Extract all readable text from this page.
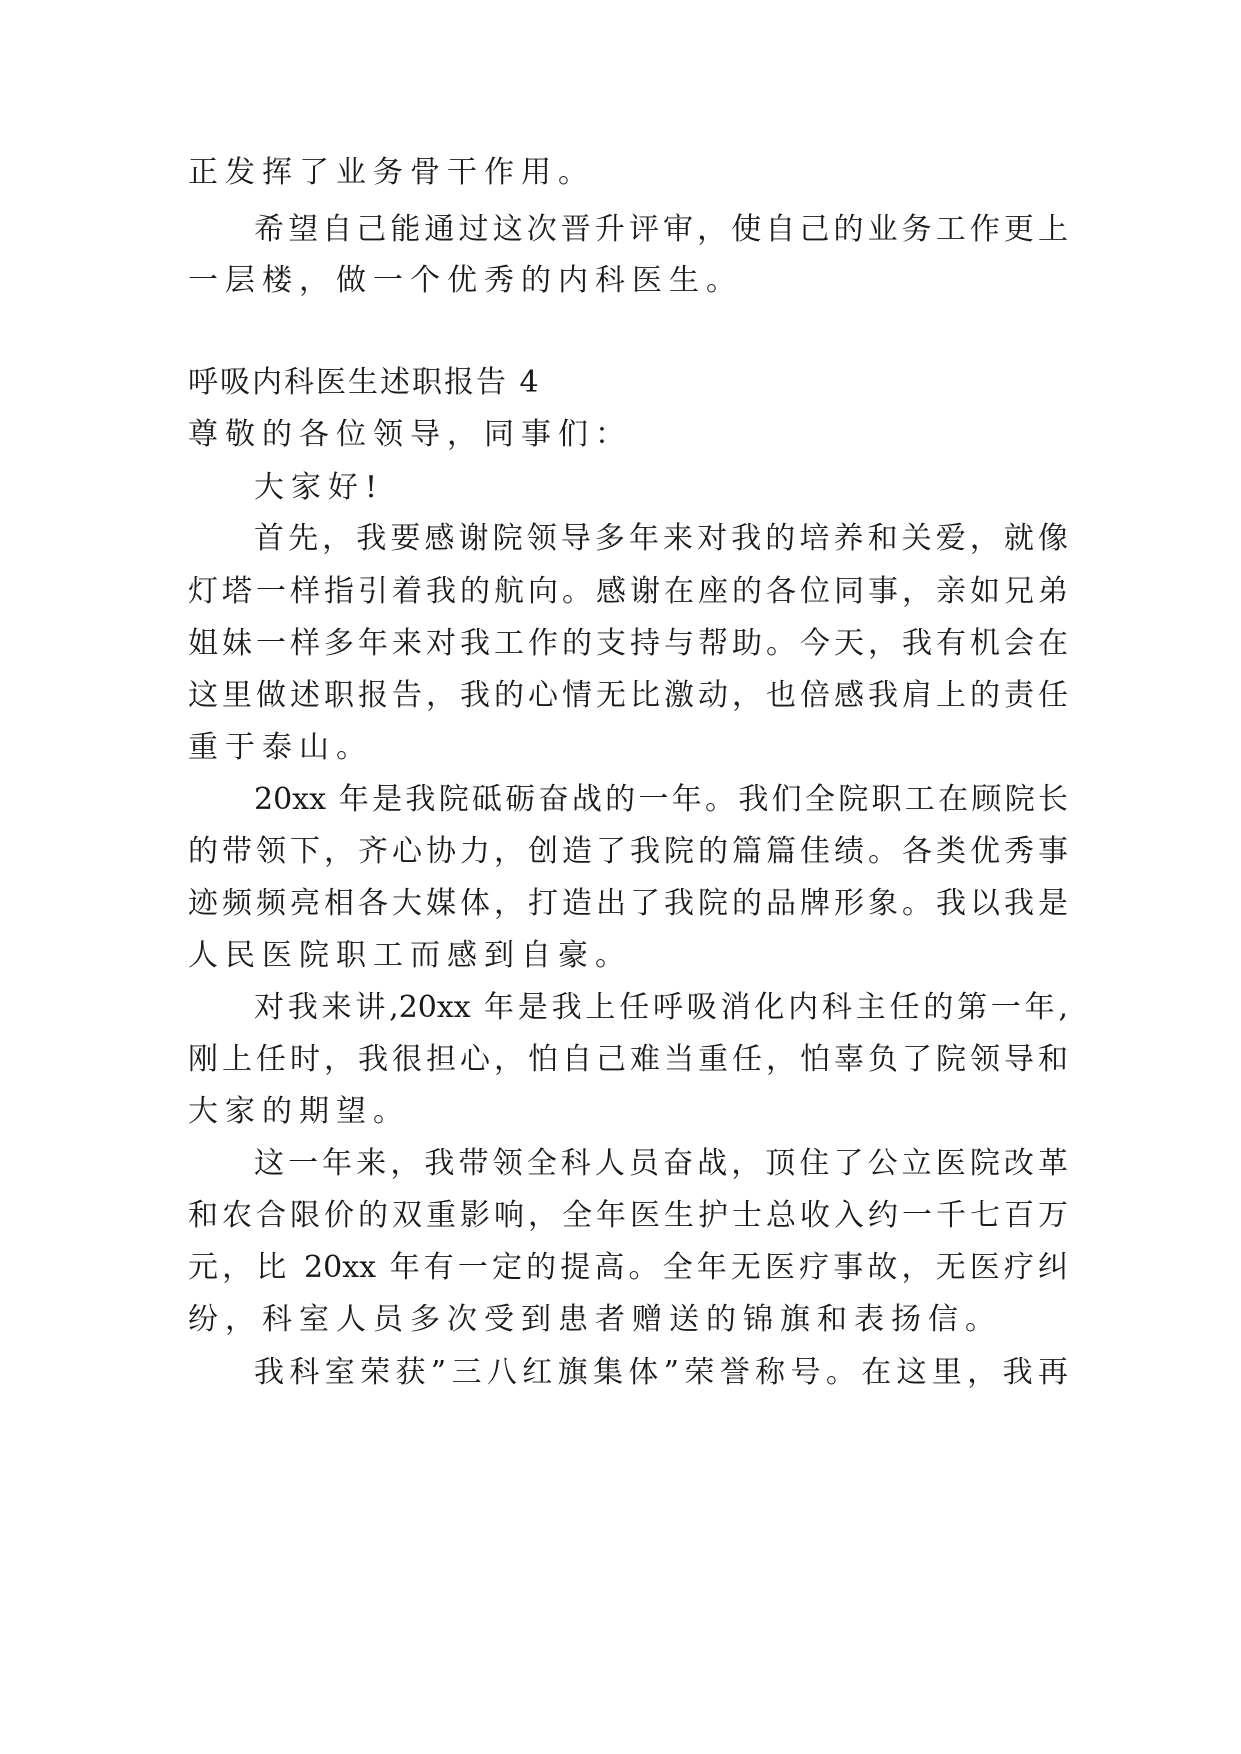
正发挥了业务骨干作用。
希望自己能通过这次晋升评审，使自己的业务工作更上
一层楼，做一个优秀的内科医生。
呼吸内科医生述职报告 4
尊敬的各位领导，同事们：
大家好!
首先，我要感谢院领导多年来对我的培养和关爱，就像
灯塔一样指引着我的航向。感谢在座的各位同事，亲如兄弟
姐妹一样多年来对我工作的支持与帮助。今天，我有机会在
这里做述职报告，我的心情无比激动，也倍感我肩上的责任
重于泰山。
20xx 年是我院砥砺奋战的一年。我们全院职工在顾院长
的带领下，齐心协力，创造了我院的篇篇佳绩。各类优秀事
迹频频亮相各大媒体，打造出了我院的品牌形象。我以我是
人民医院职工而感到自豪。
对我来讲,20xx 年是我上任呼吸消化内科主任的第一年,
刚上任时，我很担心，怕自己难当重任，怕辜负了院领导和
大家的期望。
这一年来，我带领全科人员奋战，顶住了公立医院改革
和农合限价的双重影响，全年医生护士总收入约一千七百万
元，比 20xx 年有一定的提高。全年无医疗事故，无医疗纠
纷，科室人员多次受到患者赠送的锦旗和表扬信。
我科室荣获”三八红旗集体”荣誉称号。在这里，我再
